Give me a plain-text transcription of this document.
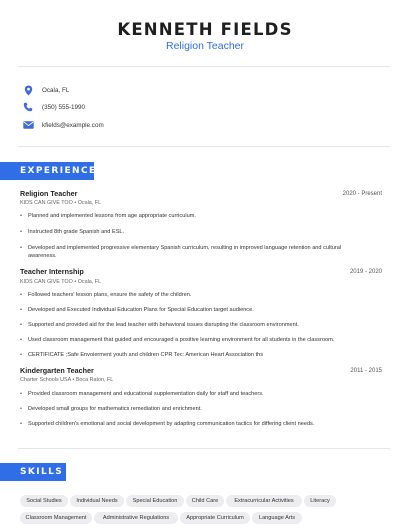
KENNETH FIELDS
Religion Teacher
Ocala, FL
(350) 555-1990
kfields@example.com
EXPERIENCE
Religion Teacher	2020 - Present
KIDS CAN GIVE TOO • Ocala, FL
•	Planned and implemented lessons from age appropriate curriculum.
•	Instructed 8th grade Spanish and ESL.
•	Developed and implemented progressive elementary Spanish curriculum, resulting in improved language retention and cultural awareness.
Teacher Internship	2019 - 2020
KIDS CAN GIVE TOO • Ocala, FL
•	Followed teachers' lesson plans, ensure the safety of the children.
•	Developed and Executed Individual Education Plans for Special Education target audience.
•	Supported and provided aid for the lead teacher with behavioral issues disrupting the classroom environment.
•	Used classroom management that guided and encouraged a positive learning environment for all students in the classroom.
•	CERTIFICATE ;Safe Envoierment youth and children CPR Tec: American Heart Association ths
Kindergarten Teacher	2011 - 2015
Charter Schools USA • Boca Raton, FL
•	Provided classroom management and educational supplementation daily for staff and teachers.
•	Developed small groups for mathematics remediation and enrichment.
•	Supported children's emotional and social development by adapting communication tactics for differing client needs.
SKILLS
Social Studies	Individual Needs	Special Education	Child Care	Extracurricular Activities	Literacy
Classroom Management	Administrative Regulations	Appropriate Curriculum	Language Arts
